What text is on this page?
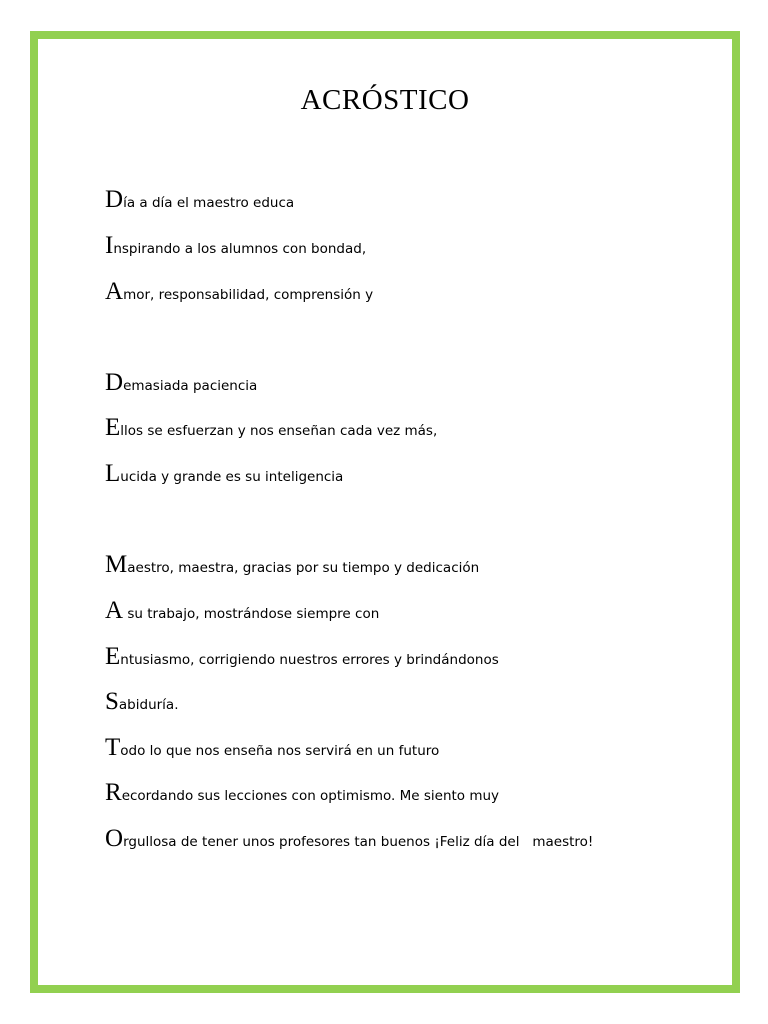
ACRÓSTICO
Día a día el maestro educa
Inspirando a los alumnos con bondad,
Amor, responsabilidad, comprensión y
Demasiada paciencia
Ellos se esfuerzan y nos enseñan cada vez más,
Lucida y grande es su inteligencia
Maestro, maestra, gracias por su tiempo y dedicación
A su trabajo, mostrándose siempre con
Entusiasmo, corrigiendo nuestros errores y brindándonos
Sabiduría.
Todo lo que nos enseña nos servirá en un futuro
Recordando sus lecciones con optimismo. Me siento muy
Orgullosa de tener unos profesores tan buenos ¡Feliz día del   maestro!
